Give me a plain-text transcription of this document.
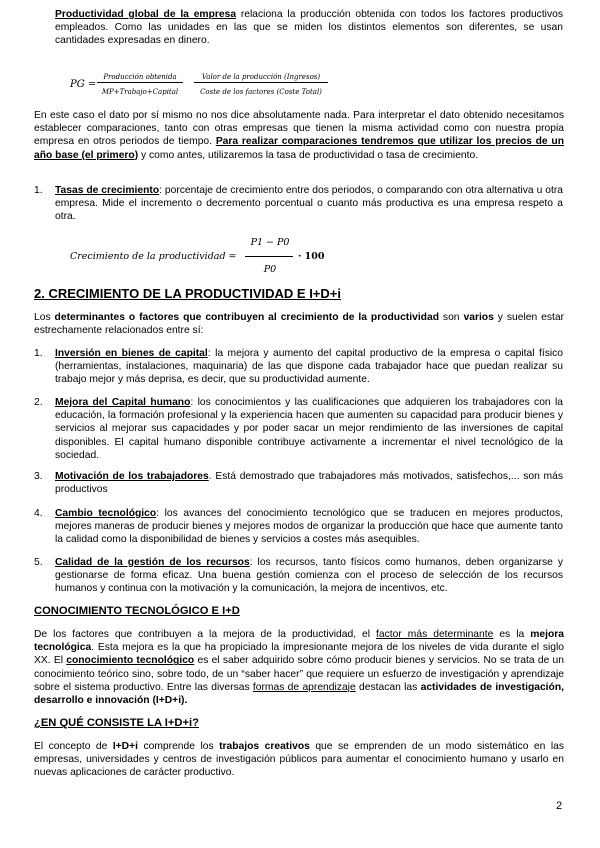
Productividad global de la empresa relaciona la producción obtenida con todos los factores productivos empleados. Como las unidades en las que se miden los distintos elementos son diferentes, se usan cantidades expresadas en dinero.
PG =
Producción obtenida
MP+Trabajo+Capital
Valor de la producción (Ingresos)
Coste de los factores (Coste Total)
En este caso el dato por sí mismo no nos dice absolutamente nada. Para interpretar el dato obtenido necesitamos establecer comparaciones, tanto con otras empresas que tienen la misma actividad como con nuestra propia empresa en otros periodos de tiempo. Para realizar comparaciones tendremos que utilizar los precios de un año base (el primero) y como antes, utilizaremos la tasa de productividad o tasa de crecimiento.
1. Tasas de crecimiento: porcentaje de crecimiento entre dos periodos, o comparando con otra alternativa u otra empresa. Mide el incremento o decremento porcentual o cuanto más productiva es una empresa respeto a otra.
Crecimiento de la productividad =
P1 − P0
P0
· 100
2. CRECIMIENTO DE LA PRODUCTIVIDAD E I+D+i
Los determinantes o factores que contribuyen al crecimiento de la productividad son varios y suelen estar estrechamente relacionados entre sí:
1. Inversión en bienes de capital: la mejora y aumento del capital productivo de la empresa o capital físico (herramientas, instalaciones, maquinaria) de las que dispone cada trabajador hace que puedan realizar su trabajo mejor y más deprisa, es decir, que su productividad aumente.
2. Mejora del Capital humano: los conocimientos y las cualificaciones que adquieren los trabajadores con la educación, la formación profesional y la experiencia hacen que aumenten su capacidad para producir bienes y servicios al mejorar sus capacidades y por poder sacar un mejor rendimiento de las inversiones de capital disponibles. El capital humano disponible contribuye activamente a incrementar el nivel tecnológico de la sociedad.
3. Motivación de los trabajadores. Está demostrado que trabajadores más motivados, satisfechos,... son más productivos
4. Cambio tecnológico: los avances del conocimiento tecnológico que se traducen en mejores productos, mejores maneras de producir bienes y mejores modos de organizar la producción que hace que aumente tanto la calidad como la disponibilidad de bienes y servicios a costes más asequibles.
5. Calidad de la gestión de los recursos: los recursos, tanto físicos como humanos, deben organizarse y gestionarse de forma eficaz. Una buena gestión comienza con el proceso de selección de los recursos humanos y continua con la motivación y la comunicación, la mejora de incentivos, etc.
CONOCIMIENTO TECNOLÓGICO E I+D
De los factores que contribuyen a la mejora de la productividad, el factor más determinante es la mejora tecnológica. Esta mejora es la que ha propiciado la impresionante mejora de los niveles de vida durante el siglo XX. El conocimiento tecnológico es el saber adquirido sobre cómo producir bienes y servicios. No se trata de un conocimiento teórico sino, sobre todo, de un “saber hacer” que requiere un esfuerzo de investigación y aprendizaje sobre el sistema productivo. Entre las diversas formas de aprendizaje destacan las actividades de investigación, desarrollo e innovación (I+D+i).
¿EN QUÉ CONSISTE LA I+D+i?
El concepto de I+D+i comprende los trabajos creativos que se emprenden de un modo sistemático en las empresas, universidades y centros de investigación públicos para aumentar el conocimiento humano y usarlo en nuevas aplicaciones de carácter productivo.
2
